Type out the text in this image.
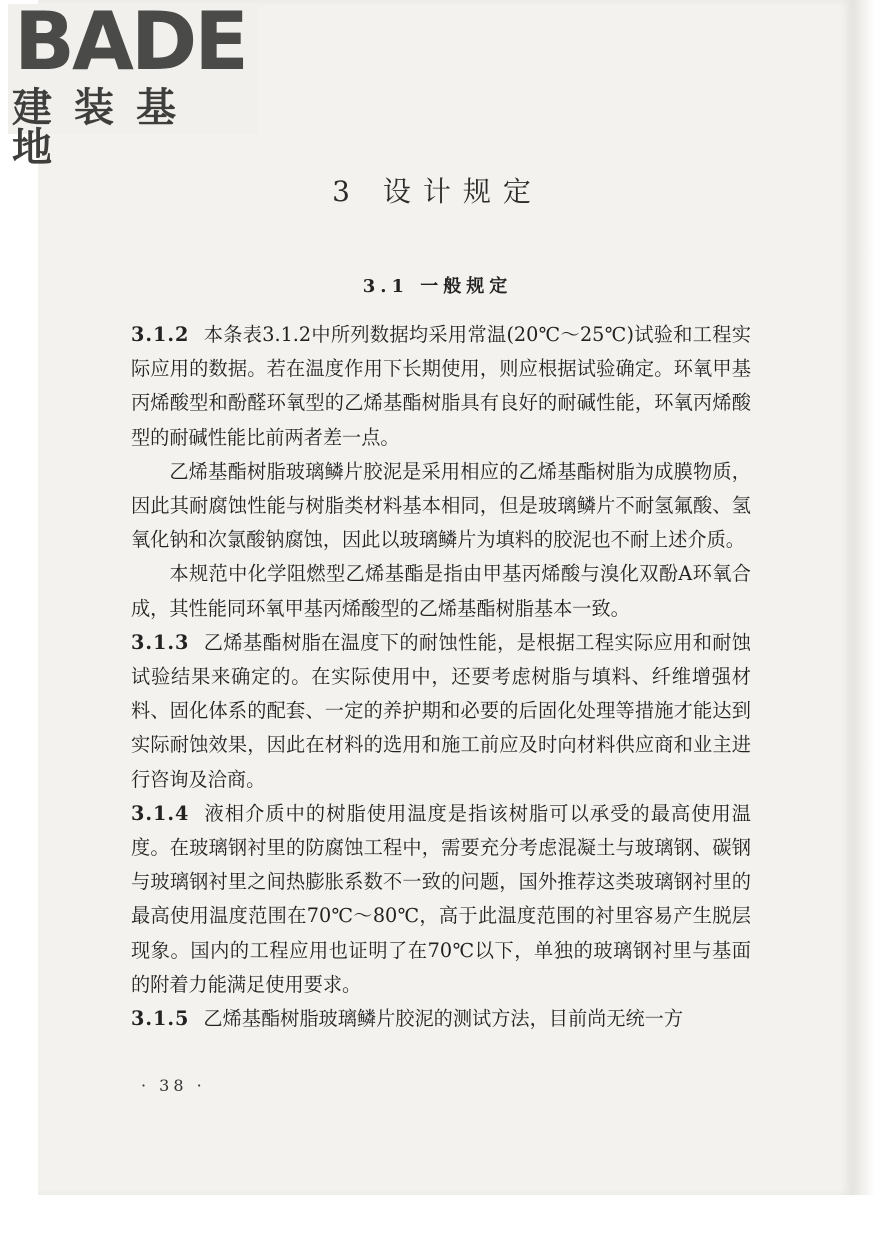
BADE
建装基地
3 设计规定
3.1 一般规定

3.1.2 本条表3.1.2中所列数据均采用常温(20℃～25℃)试验和工程实际应用的数据。若在温度作用下长期使用，则应根据试验确定。环氧甲基丙烯酸型和酚醛环氧型的乙烯基酯树脂具有良好的耐碱性能，环氧丙烯酸型的耐碱性能比前两者差一点。

乙烯基酯树脂玻璃鳞片胶泥是采用相应的乙烯基酯树脂为成膜物质，因此其耐腐蚀性能与树脂类材料基本相同，但是玻璃鳞片不耐氢氟酸、氢氧化钠和次氯酸钠腐蚀，因此以玻璃鳞片为填料的胶泥也不耐上述介质。

本规范中化学阻燃型乙烯基酯是指由甲基丙烯酸与溴化双酚A环氧合成，其性能同环氧甲基丙烯酸型的乙烯基酯树脂基本一致。

3.1.3 乙烯基酯树脂在温度下的耐蚀性能，是根据工程实际应用和耐蚀试验结果来确定的。在实际使用中，还要考虑树脂与填料、纤维增强材料、固化体系的配套、一定的养护期和必要的后固化处理等措施才能达到实际耐蚀效果，因此在材料的选用和施工前应及时向材料供应商和业主进行咨询及洽商。

3.1.4 液相介质中的树脂使用温度是指该树脂可以承受的最高使用温度。在玻璃钢衬里的防腐蚀工程中，需要充分考虑混凝土与玻璃钢、碳钢与玻璃钢衬里之间热膨胀系数不一致的问题，国外推荐这类玻璃钢衬里的最高使用温度范围在70℃～80℃，高于此温度范围的衬里容易产生脱层现象。国内的工程应用也证明了在70℃以下，单独的玻璃钢衬里与基面的附着力能满足使用要求。

3.1.5 乙烯基酯树脂玻璃鳞片胶泥的测试方法，目前尚无统一方

· 38 ·
